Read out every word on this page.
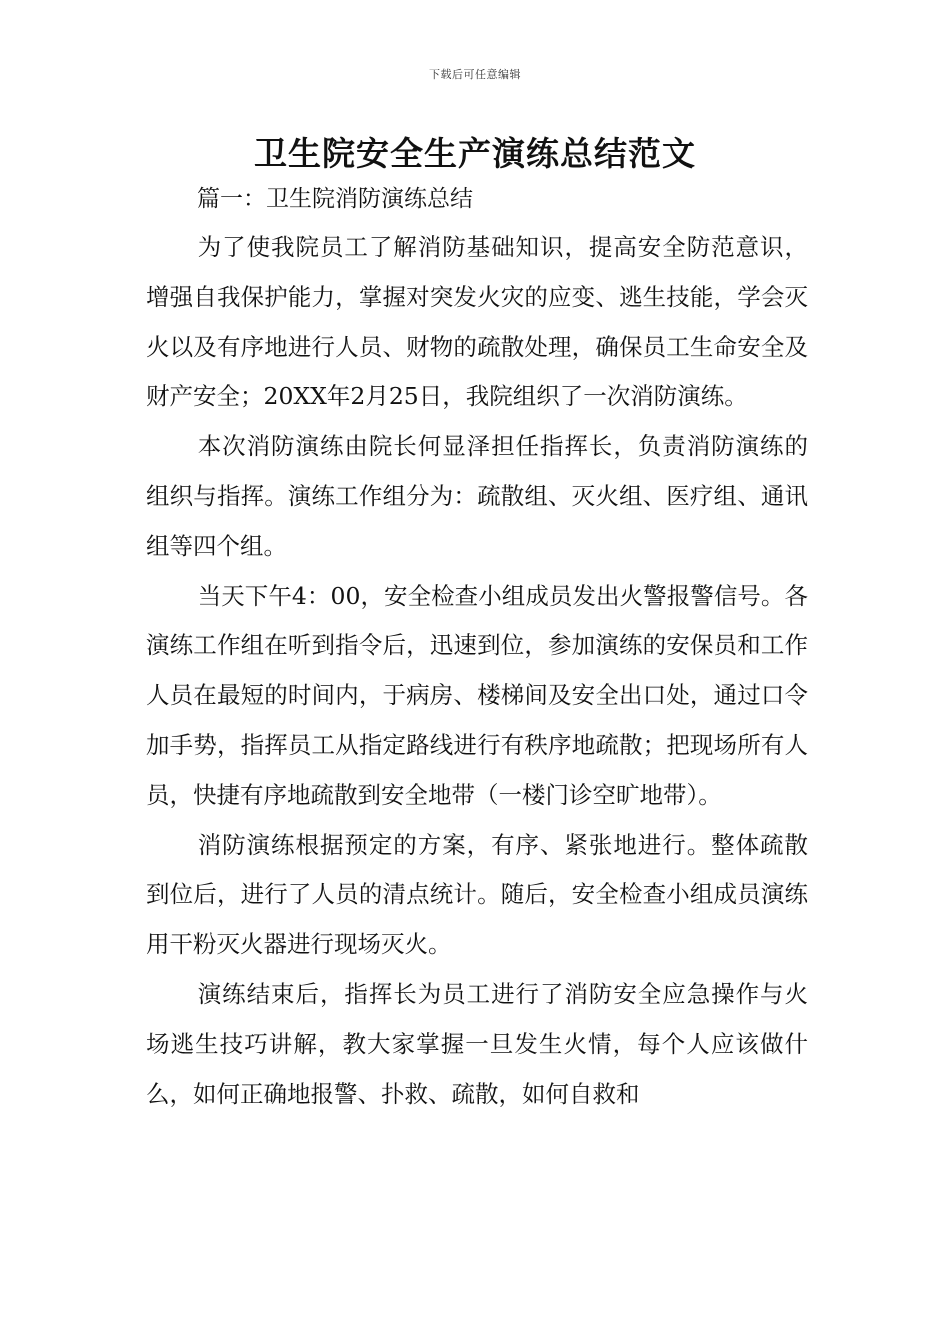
下载后可任意编辑
卫生院安全生产演练总结范文
篇一：卫生院消防演练总结

为了使我院员工了解消防基础知识，提高安全防范意识，增强自我保护能力，掌握对突发火灾的应变、逃生技能，学会灭火以及有序地进行人员、财物的疏散处理，确保员工生命安全及财产安全；20XX年2月25日，我院组织了一次消防演练。

本次消防演练由院长何显泽担任指挥长，负责消防演练的组织与指挥。演练工作组分为：疏散组、灭火组、医疗组、通讯组等四个组。

当天下午4：00，安全检查小组成员发出火警报警信号。各演练工作组在听到指令后，迅速到位，参加演练的安保员和工作人员在最短的时间内，于病房、楼梯间及安全出口处，通过口令加手势，指挥员工从指定路线进行有秩序地疏散；把现场所有人员，快捷有序地疏散到安全地带（一楼门诊空旷地带）。

消防演练根据预定的方案，有序、紧张地进行。整体疏散到位后，进行了人员的清点统计。随后，安全检查小组成员演练用干粉灭火器进行现场灭火。

演练结束后，指挥长为员工进行了消防安全应急操作与火场逃生技巧讲解，教大家掌握一旦发生火情，每个人应该做什么，如何正确地报警、扑救、疏散，如何自救和
